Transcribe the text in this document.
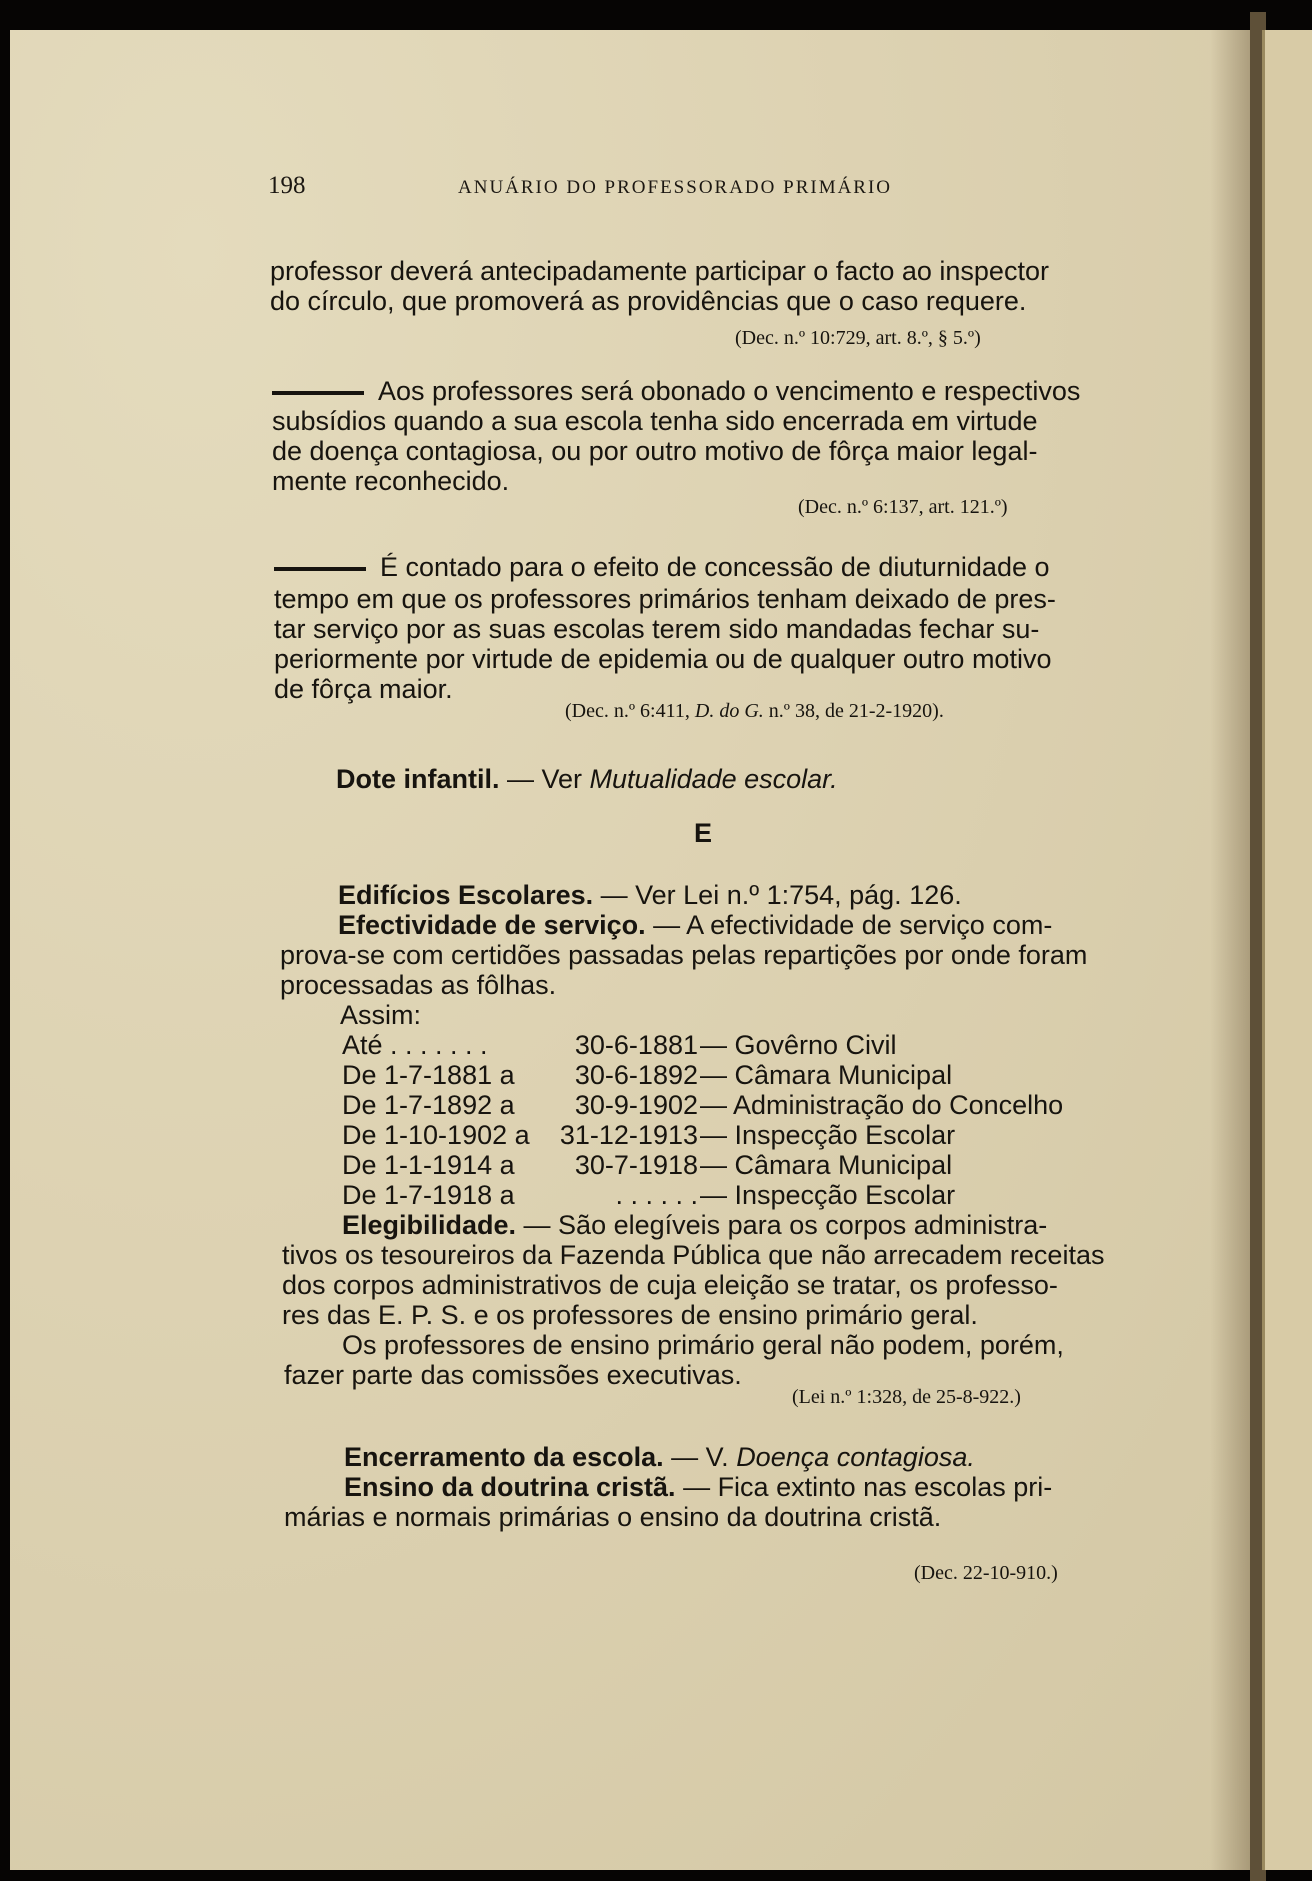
198	ANUÁRIO DO PROFESSORADO PRIMÁRIO
professor deverá antecipadamente participar o facto ao inspector
do círculo, que promoverá as providências que o caso requere.
(Dec. n.º 10:729, art. 8.º, § 5.º)
Aos professores será obonado o vencimento e respectivos
subsídios quando a sua escola tenha sido encerrada em virtude
de doença contagiosa, ou por outro motivo de fôrça maior legal-
mente reconhecido.
(Dec. n.º 6:137, art. 121.º)
É contado para o efeito de concessão de diuturnidade o
tempo em que os professores primários tenham deixado de pres-
tar serviço por as suas escolas terem sido mandadas fechar su-
periormente por virtude de epidemia ou de qualquer outro motivo
de fôrça maior.
(Dec. n.º 6:411, D. do G. n.º 38, de 21-2-1920).
Dote infantil. — Ver Mutualidade escolar.
E
Edifícios Escolares. — Ver Lei n.º 1:754, pág. 126.
Efectividade de serviço. — A efectividade de serviço com-
prova-se com certidões passadas pelas repartições por onde foram
processadas as fôlhas.
Assim:
Até . . . . . . .	30-6-1881— Govêrno Civil
De 1-7-1881 a 30-6-1892— Câmara Municipal
De 1-7-1892 a 30-9-1902— Administração do Concelho
De 1-10-1902 a 31-12-1913— Inspecção Escolar
De 1-1-1914 a 30-7-1918— Câmara Municipal
De 1-7-1918 a	. . . . . .— Inspecção Escolar
Elegibilidade. — São elegíveis para os corpos administra-
tivos os tesoureiros da Fazenda Pública que não arrecadem receitas
dos corpos administrativos de cuja eleição se tratar, os professo-
res das E. P. S. e os professores de ensino primário geral.
Os professores de ensino primário geral não podem, porém,
fazer parte das comissões executivas.
(Lei n.º 1:328, de 25-8-922.)
Encerramento da escola. — V. Doença contagiosa.
Ensino da doutrina cristã. — Fica extinto nas escolas pri-
márias e normais primárias o ensino da doutrina cristã.
(Dec. 22-10-910.)
